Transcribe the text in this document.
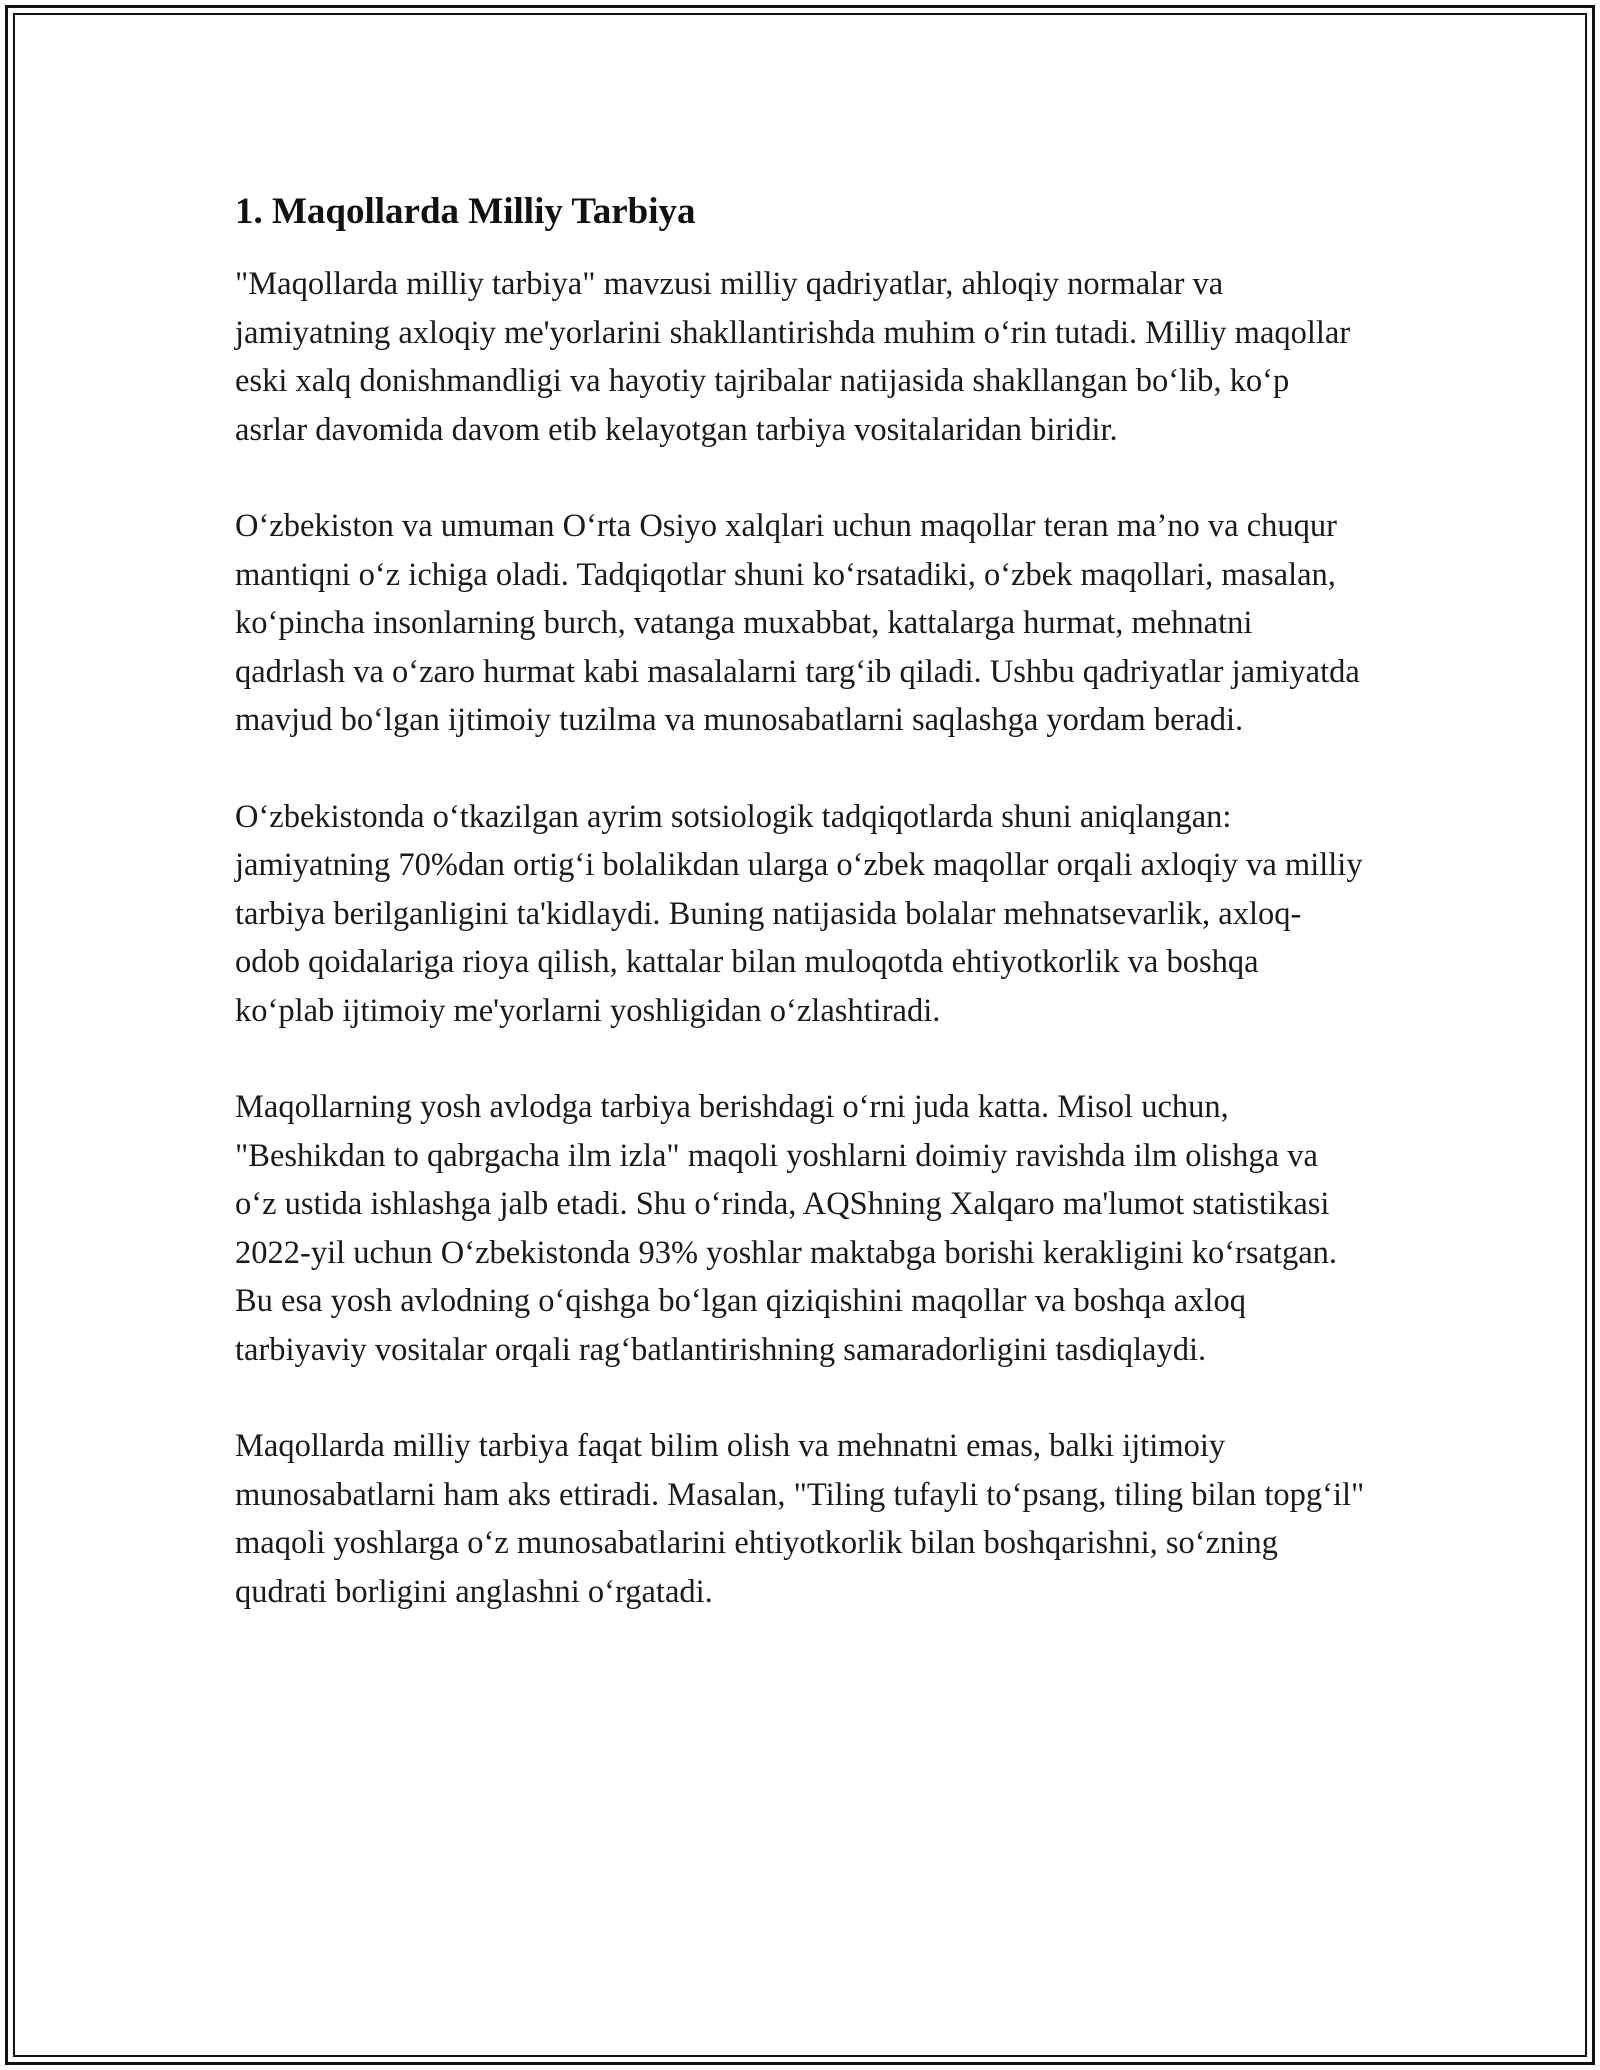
1. Maqollarda Milliy Tarbiya

"Maqollarda milliy tarbiya" mavzusi milliy qadriyatlar, ahloqiy normalar va jamiyatning axloqiy me'yorlarini shakllantirishda muhim o‘rin tutadi. Milliy maqollar eski xalq donishmandligi va hayotiy tajribalar natijasida shakllangan bo‘lib, ko‘p asrlar davomida davom etib kelayotgan tarbiya vositalaridan biridir.

O‘zbekiston va umuman O‘rta Osiyo xalqlari uchun maqollar teran ma’no va chuqur mantiqni o‘z ichiga oladi. Tadqiqotlar shuni ko‘rsatadiki, o‘zbek maqollari, masalan, ko‘pincha insonlarning burch, vatanga muxabbat, kattalarga hurmat, mehnatni qadrlash va o‘zaro hurmat kabi masalalarni targ‘ib qiladi. Ushbu qadriyatlar jamiyatda mavjud bo‘lgan ijtimoiy tuzilma va munosabatlarni saqlashga yordam beradi.

O‘zbekistonda o‘tkazilgan ayrim sotsiologik tadqiqotlarda shuni aniqlangan: jamiyatning 70%dan ortig‘i bolalikdan ularga o‘zbek maqollar orqali axloqiy va milliy tarbiya berilganligini ta'kidlaydi. Buning natijasida bolalar mehnatsevarlik, axloq-odob qoidalariga rioya qilish, kattalar bilan muloqotda ehtiyotkorlik va boshqa ko‘plab ijtimoiy me'yorlarni yoshligidan o‘zlashtiradi.

Maqollarning yosh avlodga tarbiya berishdagi o‘rni juda katta. Misol uchun, "Beshikdan to qabrgacha ilm izla" maqoli yoshlarni doimiy ravishda ilm olishga va o‘z ustida ishlashga jalb etadi. Shu o‘rinda, AQShning Xalqaro ma'lumot statistikasi 2022-yil uchun O‘zbekistonda 93% yoshlar maktabga borishi kerakligini ko‘rsatgan. Bu esa yosh avlodning o‘qishga bo‘lgan qiziqishini maqollar va boshqa axloq tarbiyaviy vositalar orqali rag‘batlantirishning samaradorligini tasdiqlaydi.

Maqollarda milliy tarbiya faqat bilim olish va mehnatni emas, balki ijtimoiy munosabatlarni ham aks ettiradi. Masalan, "Tiling tufayli to‘psang, tiling bilan topg‘il" maqoli yoshlarga o‘z munosabatlarini ehtiyotkorlik bilan boshqarishni, so‘zning qudrati borligini anglashni o‘rgatadi.
